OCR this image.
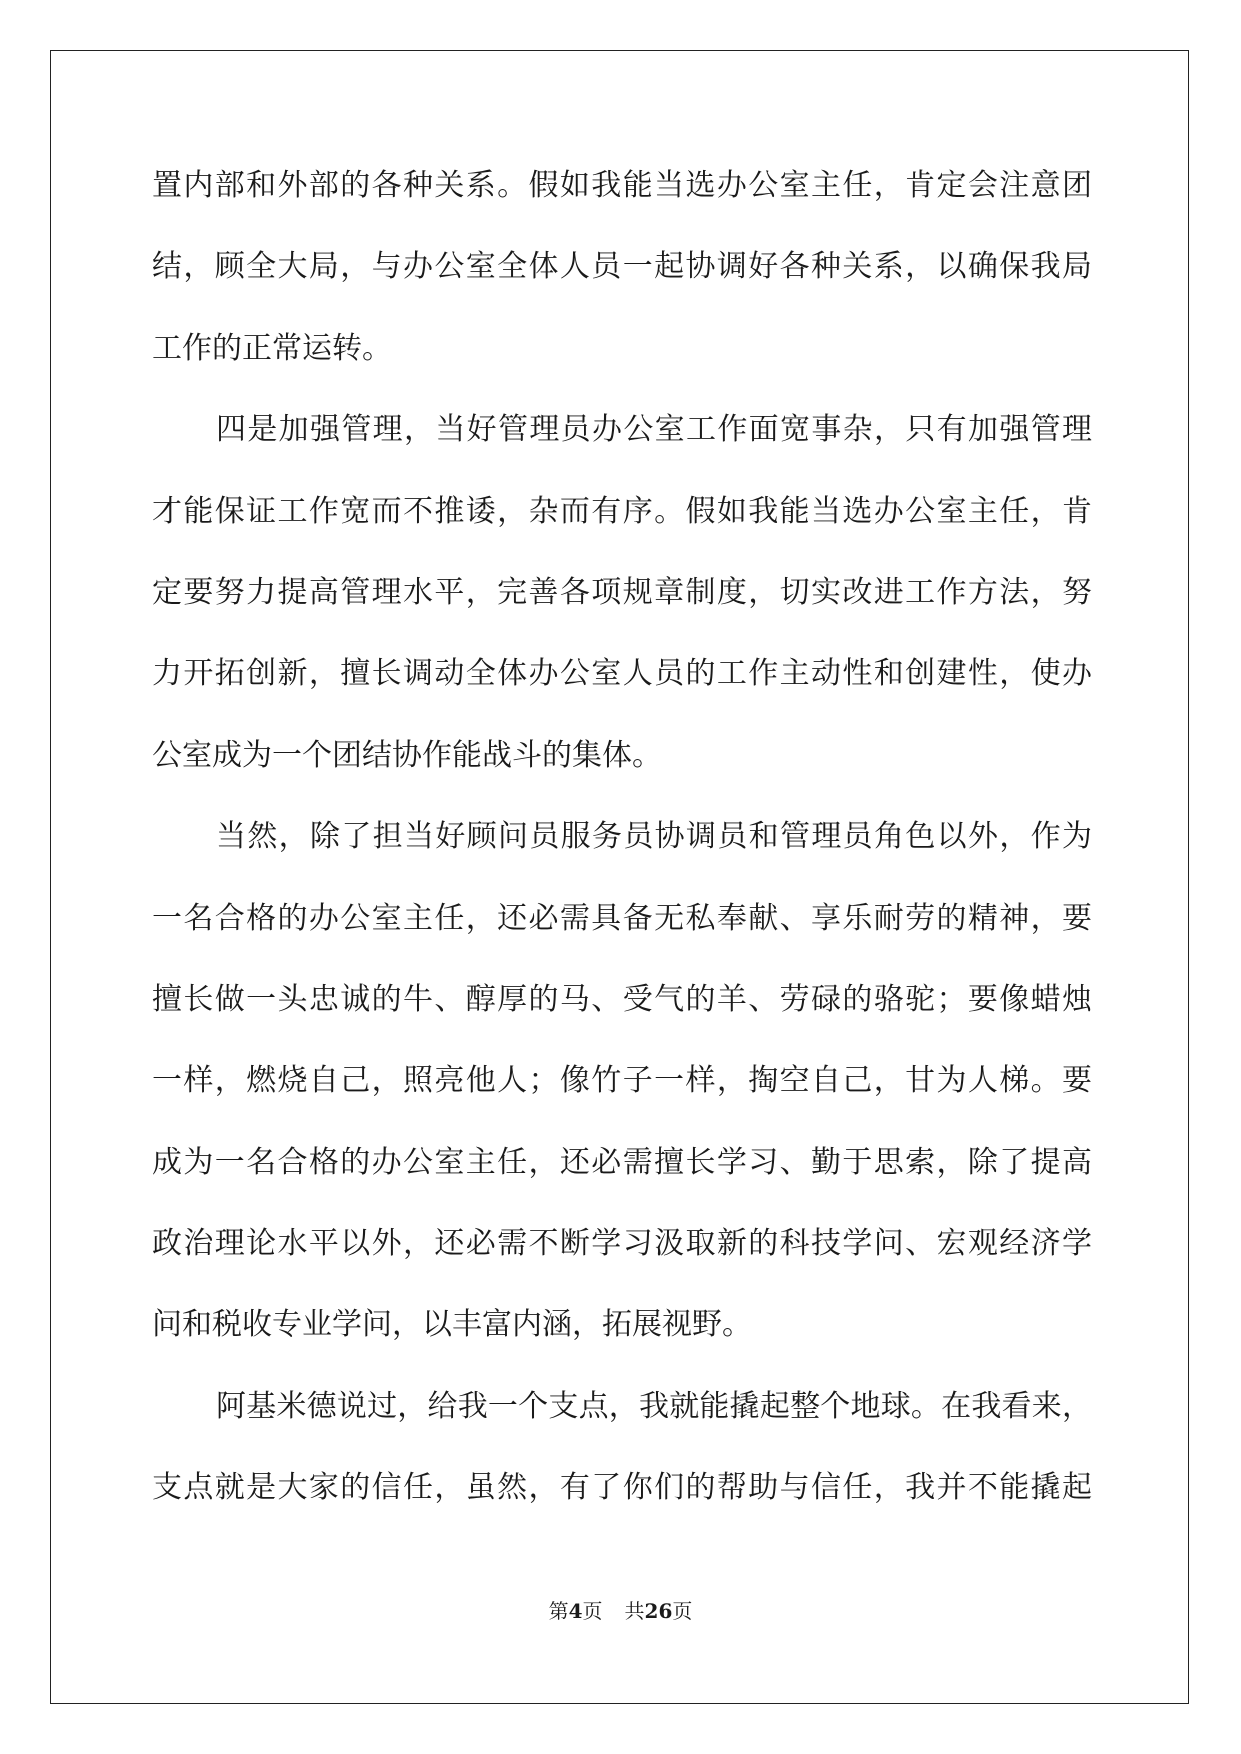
置内部和外部的各种关系。假如我能当选办公室主任，肯定会注意团
结，顾全大局，与办公室全体人员一起协调好各种关系，以确保我局
工作的正常运转。
四是加强管理，当好管理员办公室工作面宽事杂，只有加强管理
才能保证工作宽而不推诿，杂而有序。假如我能当选办公室主任，肯
定要努力提高管理水平，完善各项规章制度，切实改进工作方法，努
力开拓创新，擅长调动全体办公室人员的工作主动性和创建性，使办
公室成为一个团结协作能战斗的集体。
当然，除了担当好顾问员服务员协调员和管理员角色以外，作为
一名合格的办公室主任，还必需具备无私奉献、享乐耐劳的精神，要
擅长做一头忠诚的牛、醇厚的马、受气的羊、劳碌的骆驼；要像蜡烛
一样，燃烧自己，照亮他人；像竹子一样，掏空自己，甘为人梯。要
成为一名合格的办公室主任，还必需擅长学习、勤于思索，除了提高
政治理论水平以外，还必需不断学习汲取新的科技学问、宏观经济学
问和税收专业学问，以丰富内涵，拓展视野。
阿基米德说过，给我一个支点，我就能撬起整个地球。在我看来，
支点就是大家的信任，虽然，有了你们的帮助与信任，我并不能撬起
第4页 共26页
